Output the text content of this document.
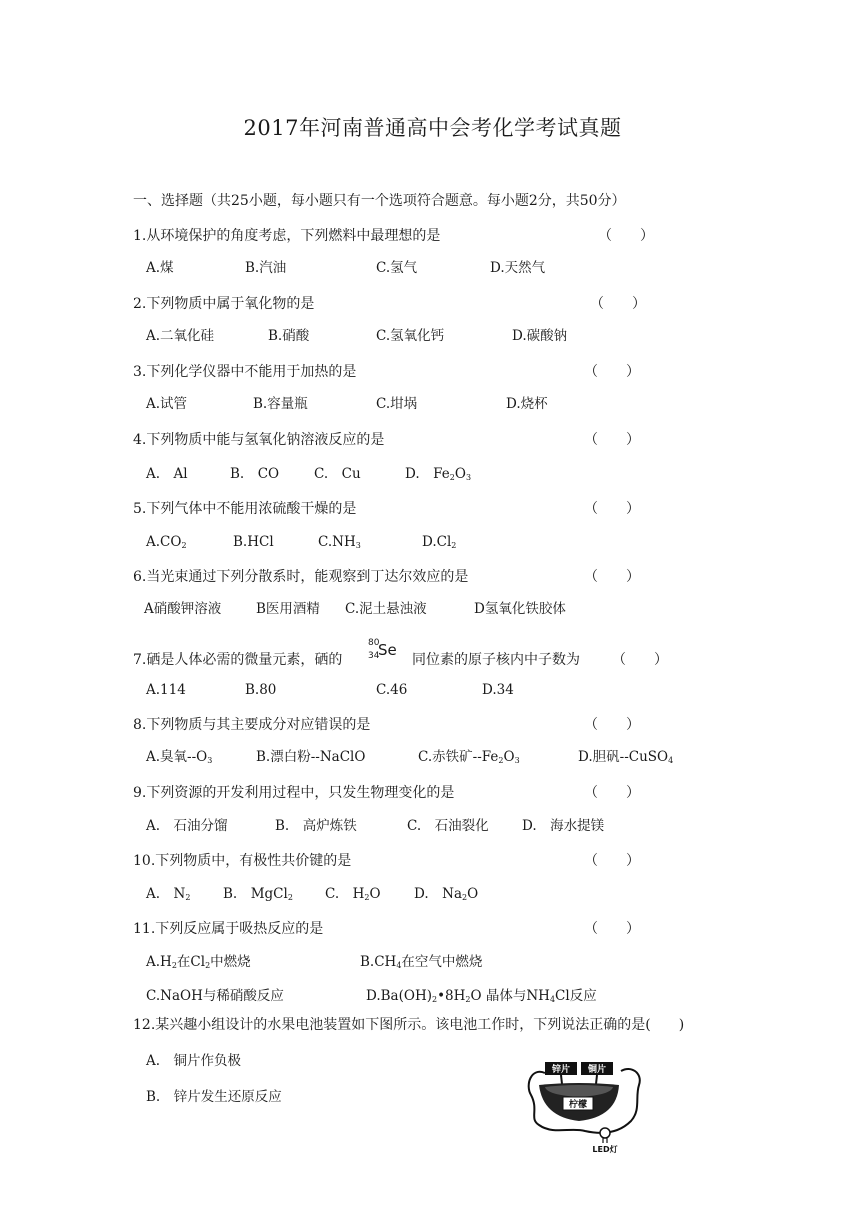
2017年河南普通高中会考化学考试真题
一、选择题（共25小题，每小题只有一个选项符合题意。每小题2分，共50分）
1.从环境保护的角度考虑，下列燃料中最理想的是	（　　）
A.煤	B.汽油	C.氢气	D.天然气
2.下列物质中属于氧化物的是	（　　）
A.二氧化硅	B.硝酸	C.氢氧化钙	D.碳酸钠
3.下列化学仪器中不能用于加热的是	（　　）
A.试管	B.容量瓶	C.坩埚	D.烧杯
4.下列物质中能与氢氧化钠溶液反应的是	（　　）
A.　Al	B.　CO	C.　Cu	D.　$Fe_2O_3$
5.下列气体中不能用浓硫酸干燥的是	（　　）
$A.CO_2$	B.HCl	$C.NH_3$	$D.Cl_2$
6.当光束通过下列分散系时，能观察到丁达尔效应的是	（　　）
A硝酸钾溶液	B医用酒精 C.泥土悬浊液	D氢氧化铁胶体
7.硒是人体必需的微量元素，硒的
80
34
Se
同位素的原子核内中子数为 （　　）
A.114	B.80	C.46	D.34
8.下列物质与其主要成分对应错误的是	（　　）
A.臭氧$--O_3$	B.漂白粉--NaClO	C.赤铁矿$--Fe_2O_3$	D.胆矾--CuSO$_4$
9.下列资源的开发利用过程中，只发生物理变化的是	（　　）
A.　石油分馏	B.　高炉炼铁	C.　石油裂化 D.　海水提镁
10.下列物质中，有极性共价键的是	（　　）
A.　$N_2$ B.　MgCl$_2$ C.　$H_2O$ D.　$Na_2O$
11.下列反应属于吸热反应的是	（　　）
$A.H_2$在$Cl_2$中燃烧	$B.CH_4$在空气中燃烧
C.NaOH与稀硝酸反应	$D.Ba(OH)_2•8H_2O$ 晶体与$NH_4Cl$反应
12.某兴趣小组设计的水果电池装置如下图所示。该电池工作时，下列说法正确的是(　　)
A.　铜片作负极
B.　锌片发生还原反应
锌片 铜片
柠檬
LED灯
